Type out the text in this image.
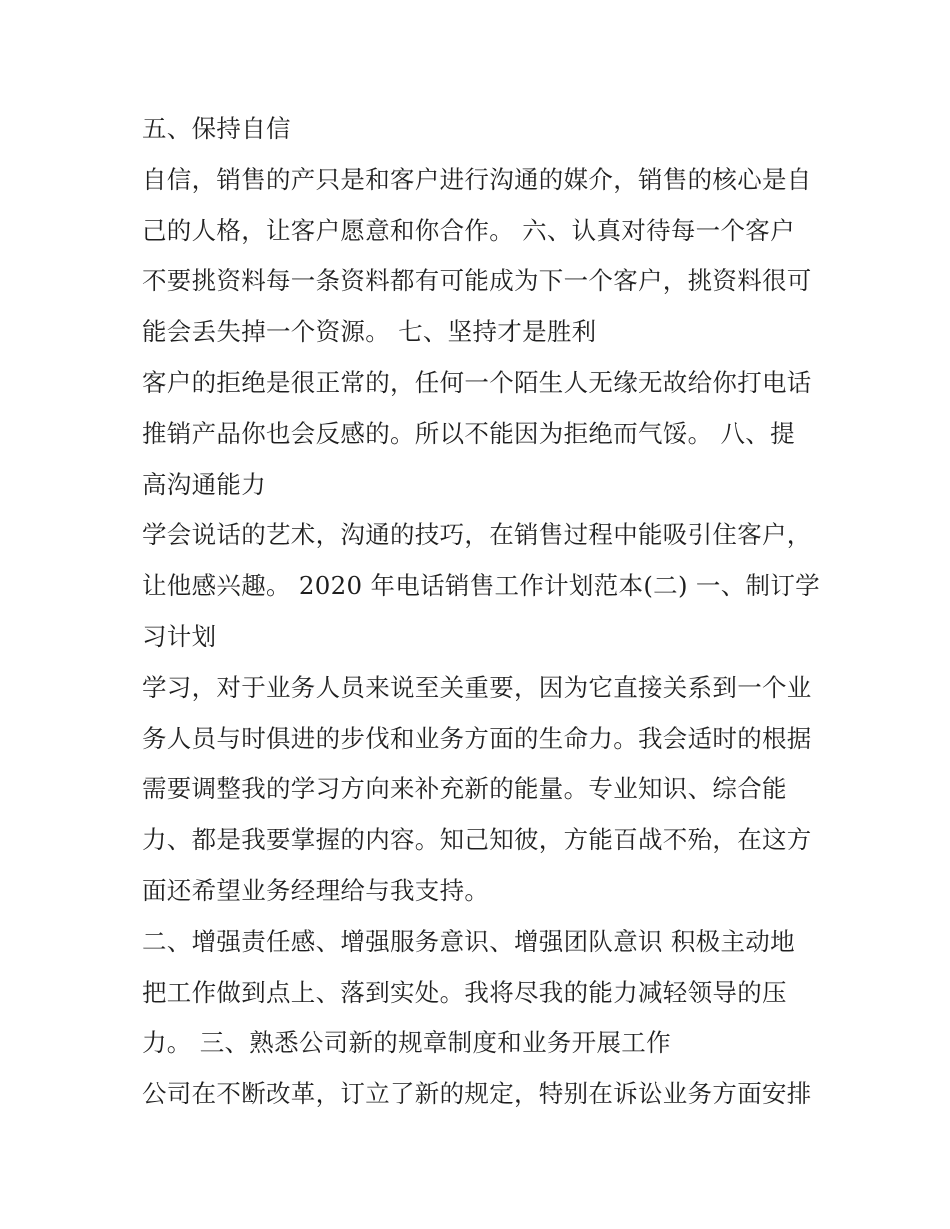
五、保持自信
自信，销售的产只是和客户进行沟通的媒介，销售的核心是自
己的人格，让客户愿意和你合作。 六、认真对待每一个客户
不要挑资料每一条资料都有可能成为下一个客户，挑资料很可
能会丢失掉一个资源。 七、坚持才是胜利
客户的拒绝是很正常的，任何一个陌生人无缘无故给你打电话
推销产品你也会反感的。所以不能因为拒绝而气馁。 八、提
高沟通能力
学会说话的艺术，沟通的技巧，在销售过程中能吸引住客户，
让他感兴趣。 2020 年电话销售工作计划范本(二) 一、制订学
习计划
学习，对于业务人员来说至关重要，因为它直接关系到一个业
务人员与时俱进的步伐和业务方面的生命力。我会适时的根据
需要调整我的学习方向来补充新的能量。专业知识、综合能
力、都是我要掌握的内容。知己知彼，方能百战不殆，在这方
面还希望业务经理给与我支持。
二、增强责任感、增强服务意识、增强团队意识 积极主动地
把工作做到点上、落到实处。我将尽我的能力减轻领导的压
力。 三、熟悉公司新的规章制度和业务开展工作
公司在不断改革，订立了新的规定，特别在诉讼业务方面安排
